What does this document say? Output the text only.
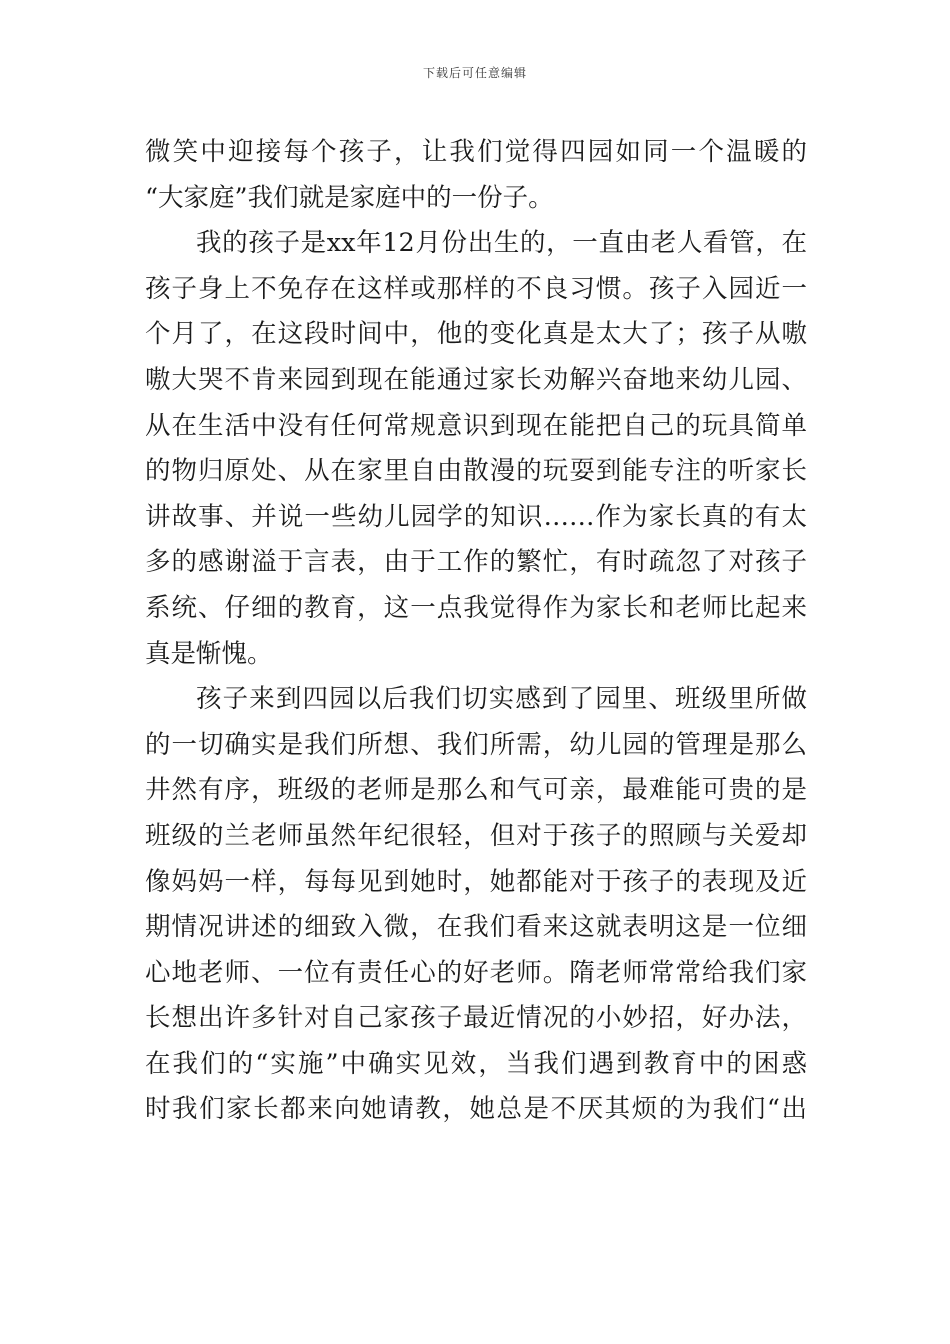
下载后可任意编辑
微笑中迎接每个孩子，让我们觉得四园如同一个温暖的
“大家庭”我们就是家庭中的一份子。
我的孩子是xx年12月份出生的，一直由老人看管，在
孩子身上不免存在这样或那样的不良习惯。孩子入园近一
个月了，在这段时间中，他的变化真是太大了；孩子从嗷
嗷大哭不肯来园到现在能通过家长劝解兴奋地来幼儿园、
从在生活中没有任何常规意识到现在能把自己的玩具简单
的物归原处、从在家里自由散漫的玩耍到能专注的听家长
讲故事、并说一些幼儿园学的知识……作为家长真的有太
多的感谢溢于言表，由于工作的繁忙，有时疏忽了对孩子
系统、仔细的教育，这一点我觉得作为家长和老师比起来
真是惭愧。
孩子来到四园以后我们切实感到了园里、班级里所做
的一切确实是我们所想、我们所需，幼儿园的管理是那么
井然有序，班级的老师是那么和气可亲，最难能可贵的是
班级的兰老师虽然年纪很轻，但对于孩子的照顾与关爱却
像妈妈一样，每每见到她时，她都能对于孩子的表现及近
期情况讲述的细致入微，在我们看来这就表明这是一位细
心地老师、一位有责任心的好老师。隋老师常常给我们家
长想出许多针对自己家孩子最近情况的小妙招，好办法，
在我们的“实施”中确实见效，当我们遇到教育中的困惑
时我们家长都来向她请教，她总是不厌其烦的为我们“出
